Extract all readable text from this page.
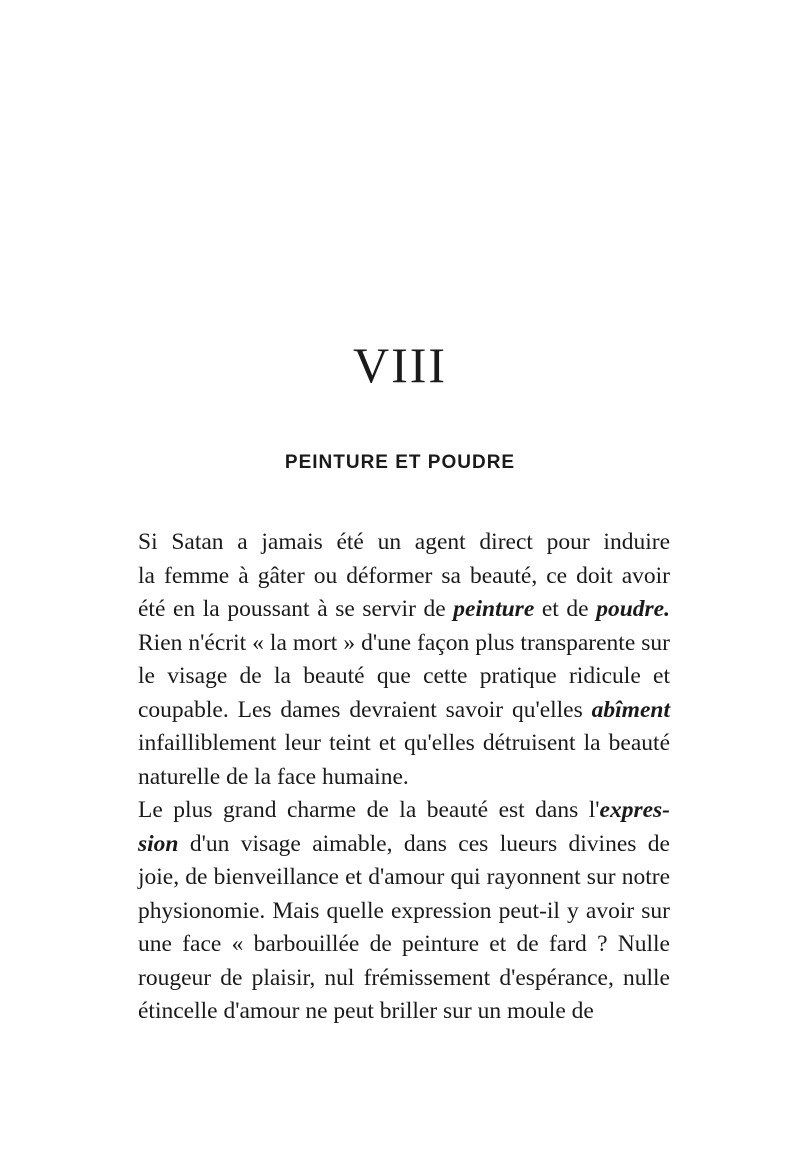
VIII
PEINTURE ET POUDRE

Si Satan a jamais été un agent direct pour induire
la femme à gâter ou déformer sa beauté, ce doit avoir
été en la poussant à se servir de peinture et de poudre.
Rien n'écrit « la mort » d'une façon plus transparente sur
le visage de la beauté que cette pratique ridicule et
coupable. Les dames devraient savoir qu'elles abîment
infailliblement leur teint et qu'elles détruisent la beauté
naturelle de la face humaine.

Le plus grand charme de la beauté est dans l'expres-
sion d'un visage aimable, dans ces lueurs divines de
joie, de bienveillance et d'amour qui rayonnent sur notre
physionomie. Mais quelle expression peut-il y avoir sur
une face « barbouillée de peinture et de fard ? Nulle
rougeur de plaisir, nul frémissement d'espérance, nulle
étincelle d'amour ne peut briller sur un moule de
